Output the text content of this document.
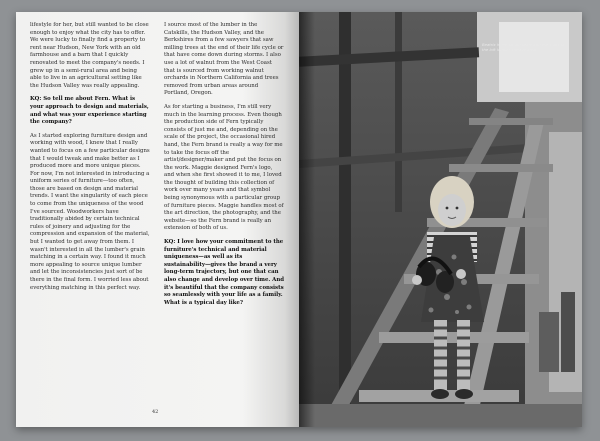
lifestyle for her, but still wanted to be close enough to enjoy what the city has to offer. We were lucky to finally find a property to rent near Hudson, New York with an old farmhouse and a barn that I quickly renovated to meet the company's needs. I grew up in a semi-rural area and being able to live in an agricultural setting like the Hudson Valley was really appealing.

KQ: So tell me about Fern. What is your approach to design and materials, and what was your experience starting the company?

As I started exploring furniture design and working with wood, I knew that I really wanted to focus on a few particular designs that I would tweak and make better as I produced more and more unique pieces. For now, I'm not interested in introducing a uniform series of furniture—too often, those are based on design and material trends. I want the singularity of each piece to come from the uniqueness of the wood I've sourced. Woodworkers have traditionally abided by certain technical rules of joinery and adjusting for the compression and expansion of the material, but I wanted to get away from them. I wasn't interested in all the lumber's grain matching in a certain way. I found it much more appealing to source unique lumber and let the inconsistencies just sort of be there in the final form. I worried less about everything matching in this perfect way.

I source most of the lumber in the Catskills, the Hudson Valley, and the Berkshires from a few sawyers that saw milling trees at the end of their life cycle or that have come down during storms. I also use a lot of walnut from the West Coast that is sourced from working walnut orchards in Northern California and trees removed from urban areas around Portland, Oregon.

As for starting a business, I'm still very much in the learning process. Even though the production side of Fern typically consists of just me and, depending on the scale of the project, the occasional hired hand, the Fern brand is really a way for me to take the focus off the artist/designer/maker and put the focus on the work. Maggie designed Fern's logo, and when she first showed it to me, I loved the thought of building this collection of work over many years and that symbol being synonymous with a particular group of furniture pieces. Maggie handles most of the art direction, the photography, and the website—so the Fern brand is really an extension of both of us.

KQ: I love how your commitment to the furniture's technical and material uniqueness—as well as its sustainability—gives the brand a very long-term trajectory, but one that can also change and develop over time. And it's beautiful that the company consists so seamlessly with your life as a family. What is a typical day like?

42
Beatrix in the studio seated on the stairs to the loft lumber storage area.
